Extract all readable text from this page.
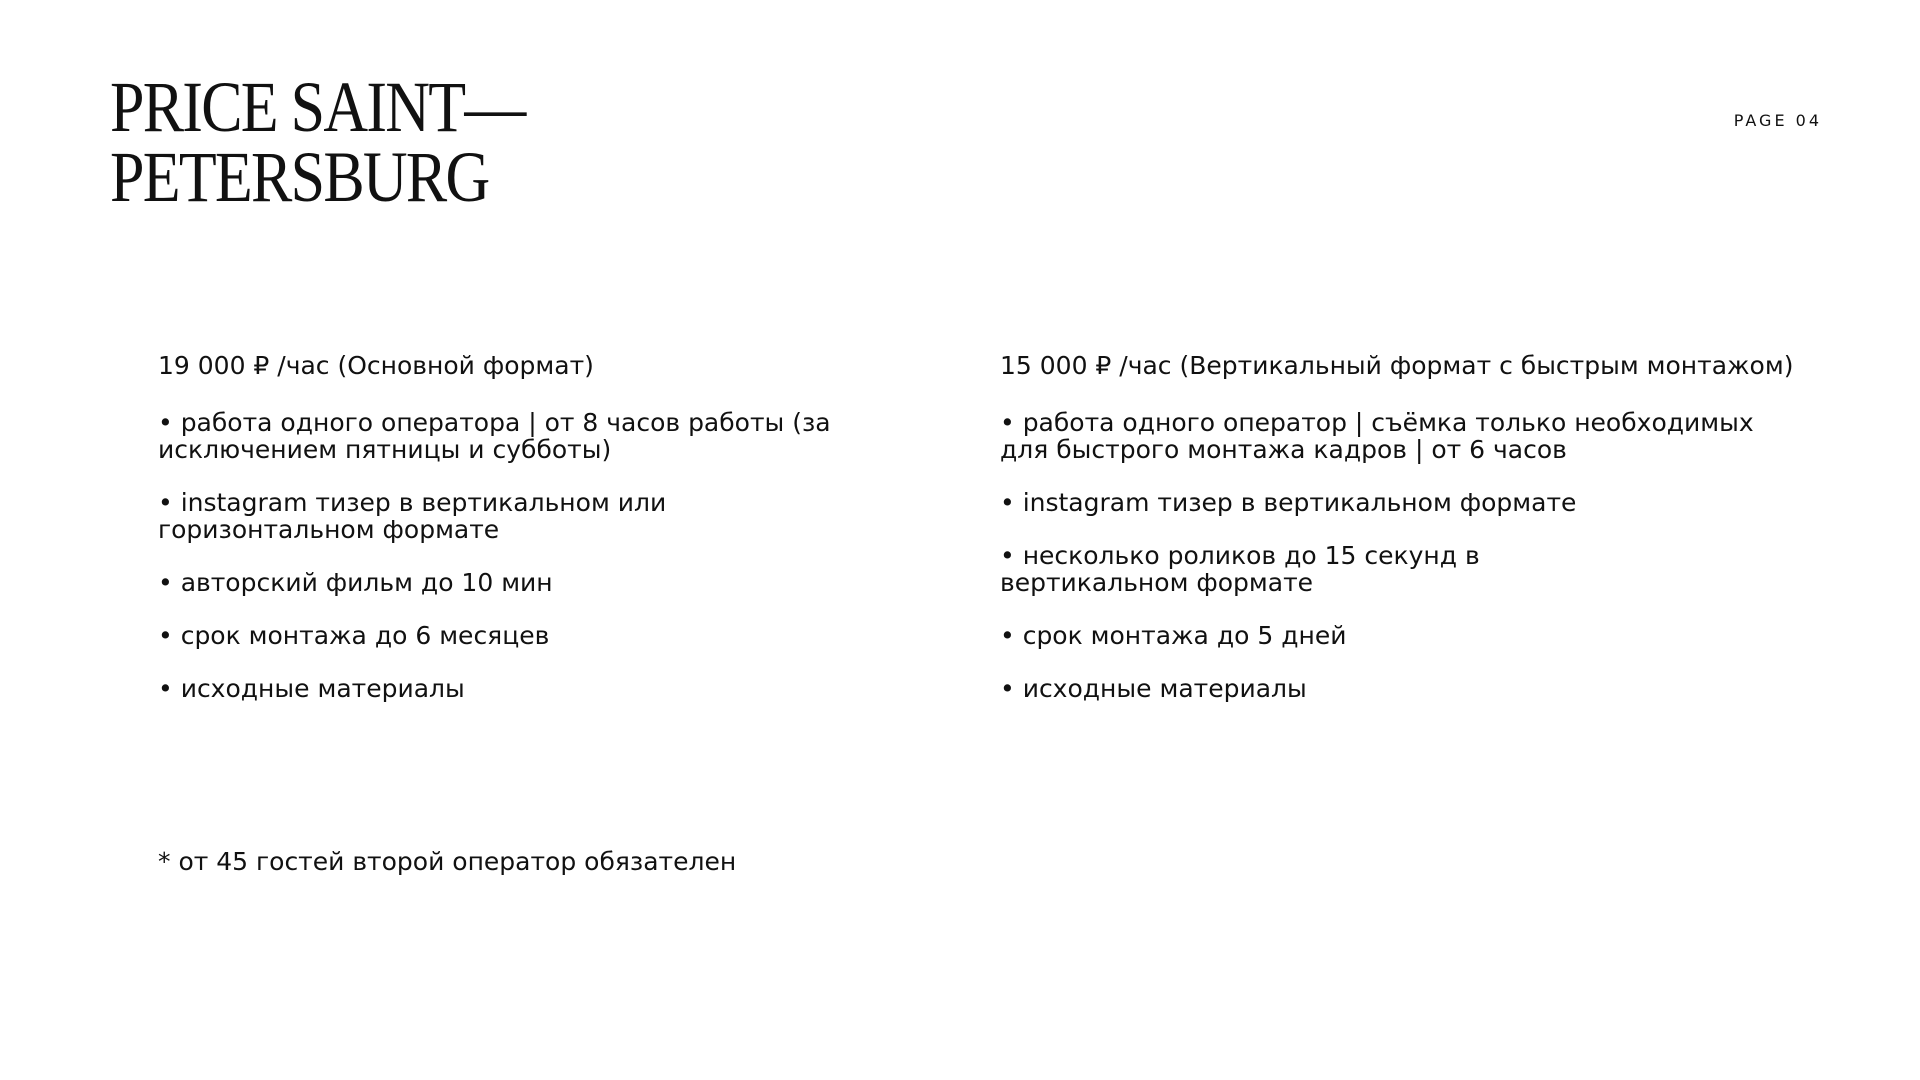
PRICE SAINT—
PETERSBURG
PAGE 04

19 000 ₽ /час (Основной формат)

• работа одного оператора | от 8 часов работы (за исключением пятницы и субботы)
• instagram тизер в вертикальном или горизонтальном формате
• авторский фильм до 10 мин
• срок монтажа до 6 месяцев
• исходные материалы

15 000 ₽ /час (Вертикальный формат с быстрым монтажом)

• работа одного оператор | съёмка только необходимых для быстрого монтажа кадров | от 6 часов
• instagram тизер в вертикальном формате
• несколько роликов до 15 секунд в вертикальном формате
• срок монтажа до 5 дней
• исходные материалы
* от 45 гостей второй оператор обязателен
